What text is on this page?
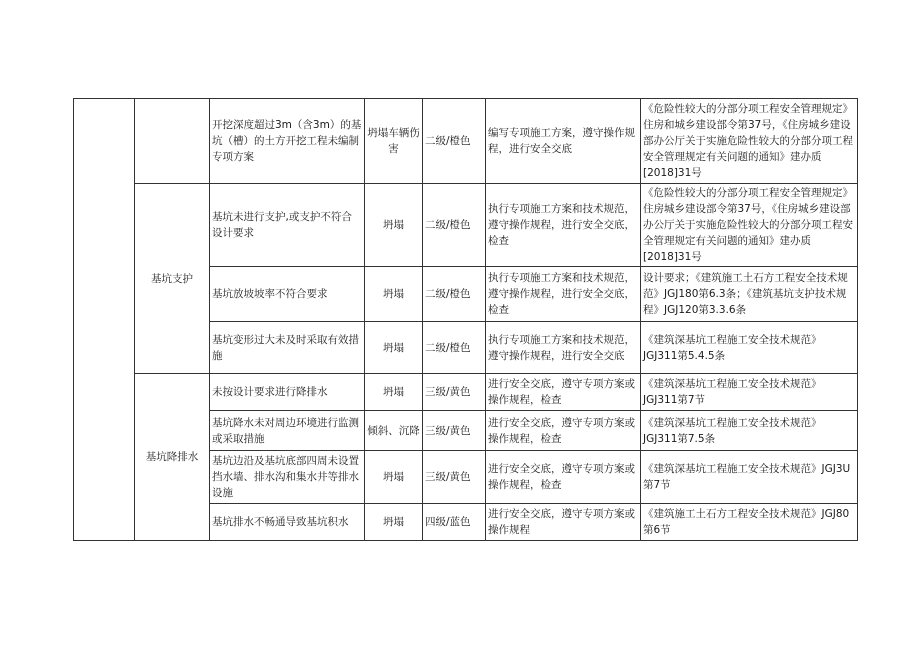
		开挖深度超过3m（含3m）的基坑（槽）的土方开挖工程未编制专项方案	坍塌车辆伤害	二级/橙色	编写专项施工方案，遵守操作规程，进行安全交底	《危险性较大的分部分项工程安全管理规定》住房和城乡建设部令第37号，《住房城乡建设部办公厅关于实施危险性较大的分部分项工程安全管理规定有关问题的通知》建办质[2018]31号
	基坑支护	基坑未进行支护,或支护不符合设计要求	坍塌	二级/橙色	执行专项施工方案和技术规范，遵守操作规程，进行安全交底，检查	《危险性较大的分部分项工程安全管理规定》住房城乡建设部令第37号，《住房城乡建设部办公厅关于实施危险性较大的分部分项工程安全管理规定有关问题的通知》建办质[2018]31号
		基坑放坡坡率不符合要求	坍塌	二级/橙色	执行专项施工方案和技术规范，遵守操作规程，进行安全交底，检查	设计要求；《建筑施工土石方工程安全技术规范》JGJ180第6.3条；《建筑基坑支护技术规程》JGJ120第3.3.6条
		基坑变形过大未及时采取有效措施	坍塌	二级/橙色	执行专项施工方案和技术规范，遵守操作规程，进行安全交底	《建筑深基坑工程施工安全技术规范》JGJ311第5.4.5条
	基坑降排水	未按设计要求进行降排水	坍塌	三级/黄色	进行安全交底，遵守专项方案或操作规程，检查	《建筑深基坑工程施工安全技术规范》JGJ311第7节
		基坑降水未对周边环境进行监测或采取措施	倾斜、沉降	三级/黄色	进行安全交底，遵守专项方案或操作规程，检查	《建筑深基坑工程施工安全技术规范》JGJ311第7.5条
		基坑边沿及基坑底部四周未设置挡水墙、排水沟和集水井等排水设施	坍塌	三级/黄色	进行安全交底，遵守专项方案或操作规程，检查	《建筑深基坑工程施工安全技术规范》JGJ3U第7节
		基坑排水不畅通导致基坑积水	坍塌	四级/蓝色	进行安全交底，遵守专项方案或操作规程	《建筑施工土石方工程安全技术规范》JGJ80第6节
